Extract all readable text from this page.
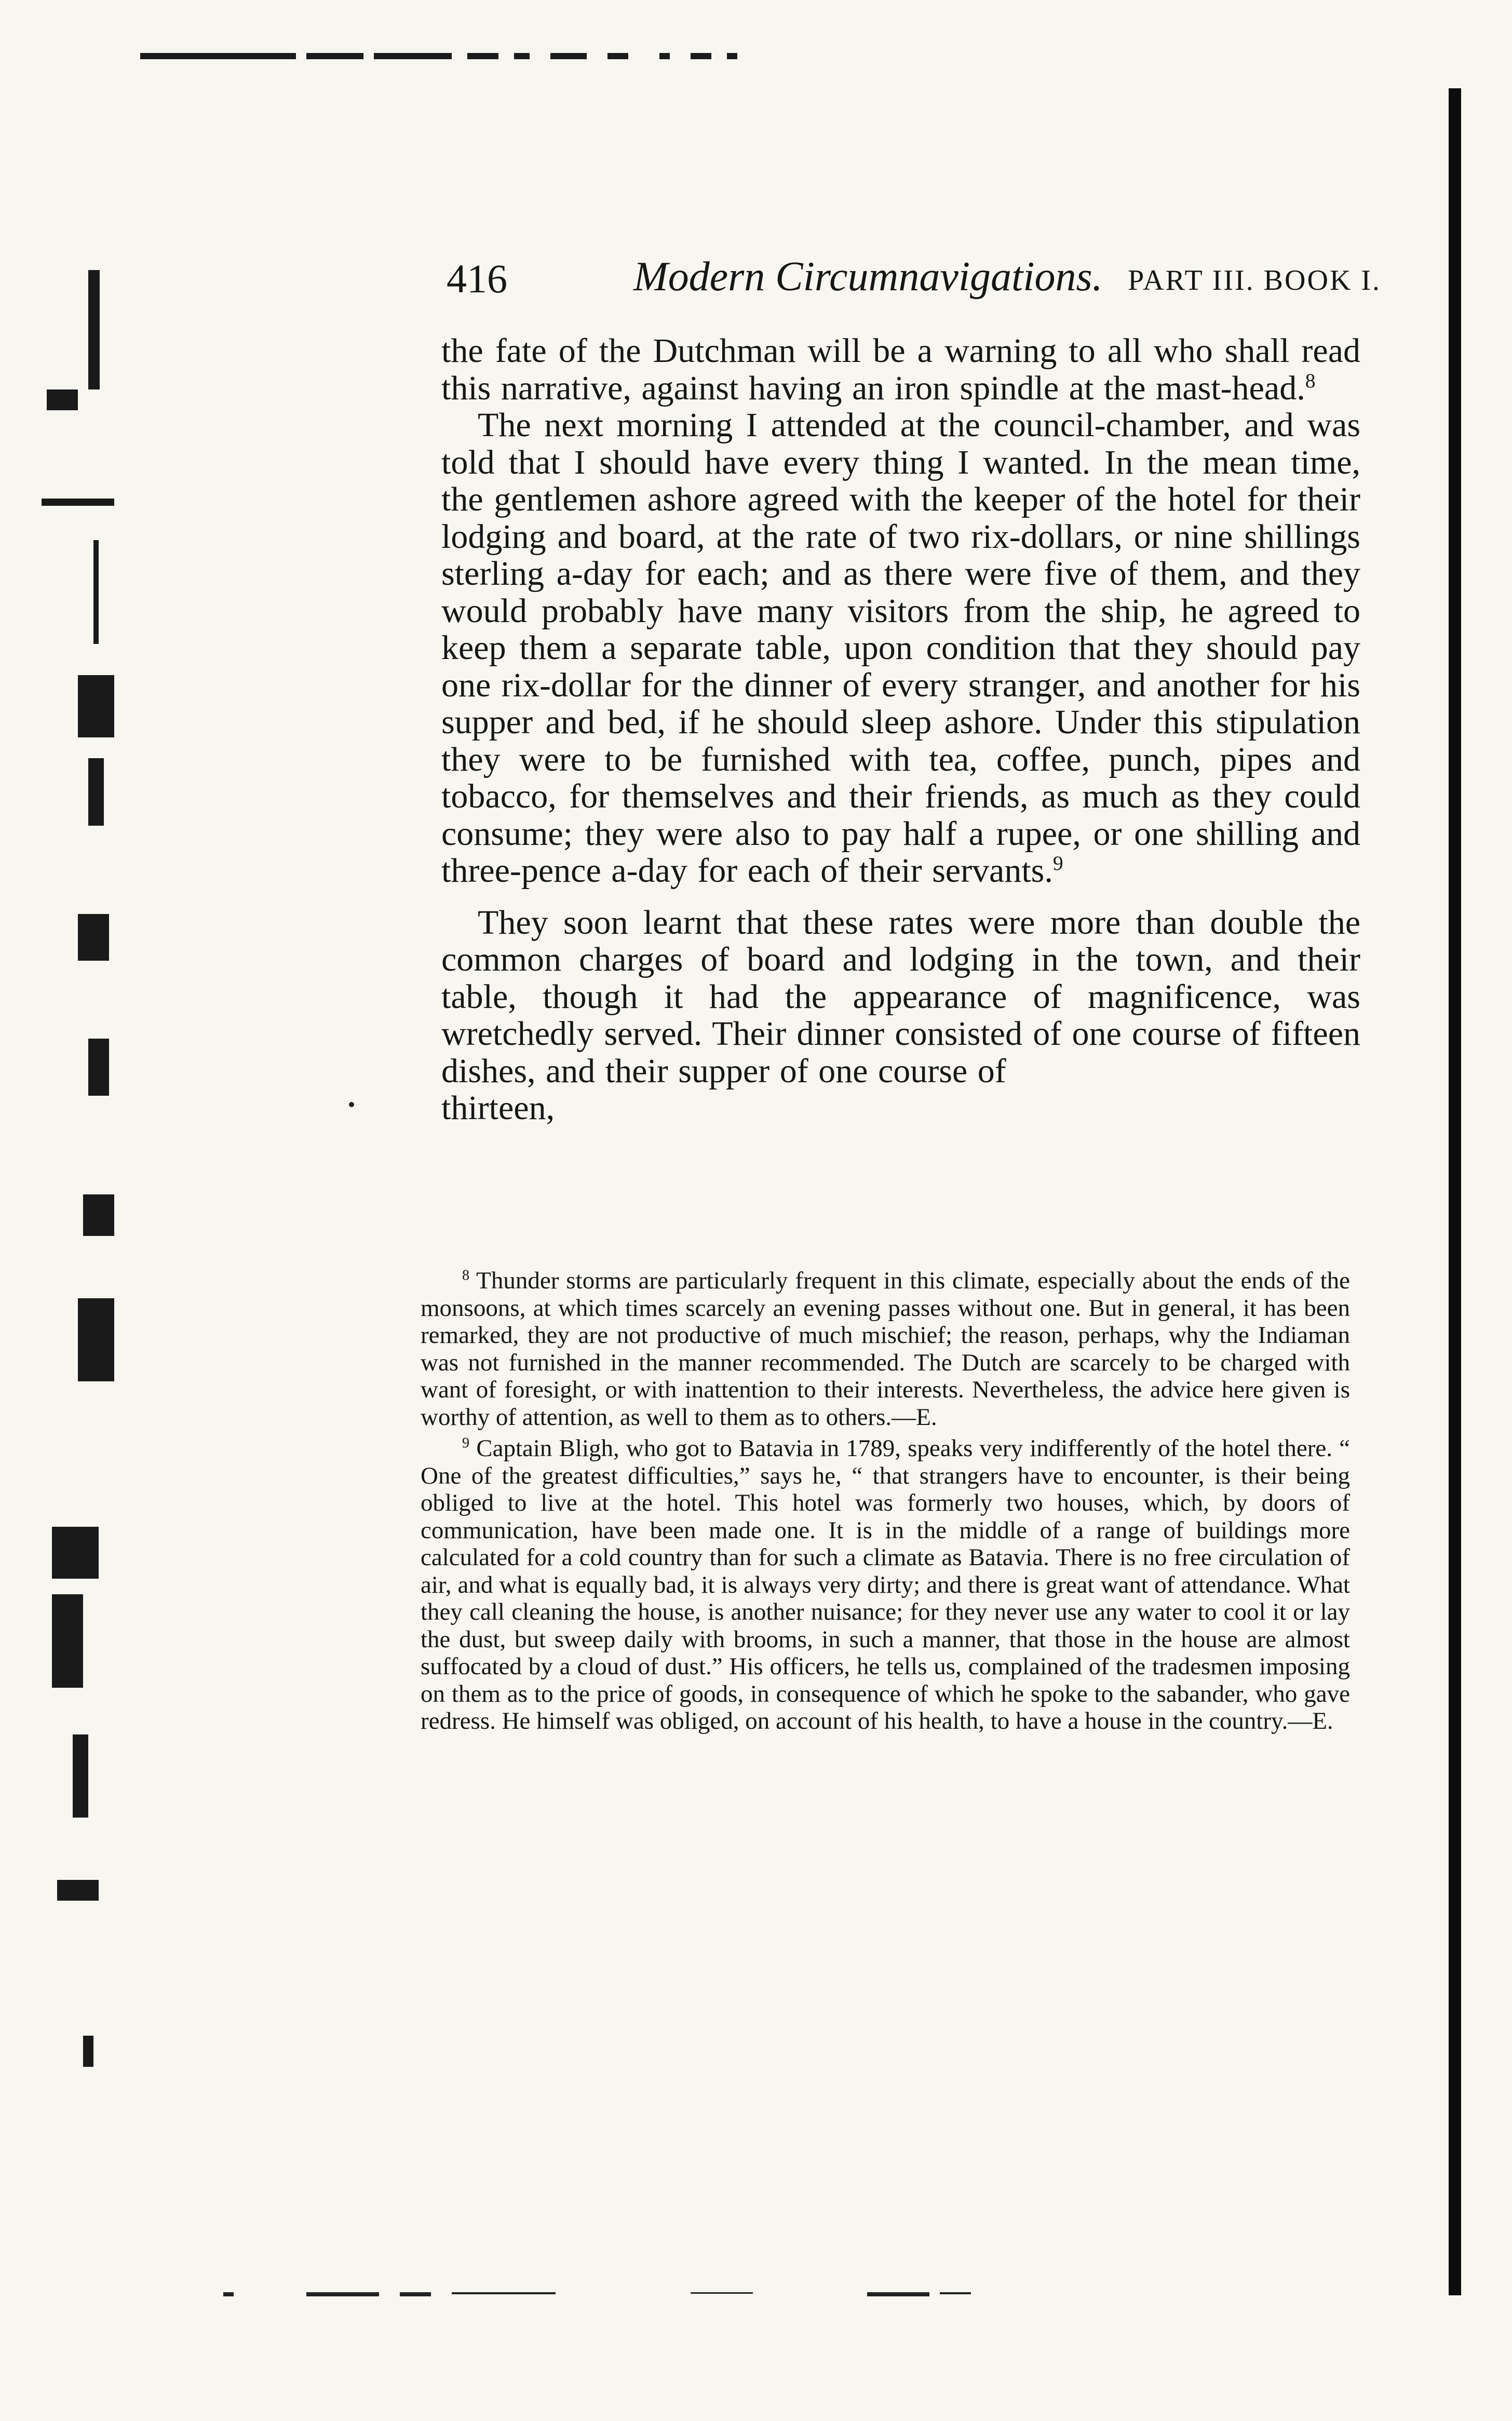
416	Modern Circumnavigations. PART III. BOOK I.

the fate of the Dutchman will be a warning to all who shall read this narrative, against having an iron spindle at the mast-head.$^8$

The next morning I attended at the council-chamber, and was told that I should have every thing I wanted. In the mean time, the gentlemen ashore agreed with the keeper of the hotel for their lodging and board, at the rate of two rix-dollars, or nine shillings sterling a-day for each; and as there were five of them, and they would probably have many visitors from the ship, he agreed to keep them a separate table, upon condition that they should pay one rix-dollar for the dinner of every stranger, and another for his supper and bed, if he should sleep ashore. Under this stipulation they were to be furnished with tea, coffee, punch, pipes and tobacco, for themselves and their friends, as much as they could consume; they were also to pay half a rupee, or one shilling and three-pence a-day for each of their servants.$^9$

They soon learnt that these rates were more than double the common charges of board and lodging in the town, and their table, though it had the appearance of magnificence, was wretchedly served. Their dinner consisted of one course of fifteen dishes, and their supper of one course of

thirteen,

$^8$ Thunder storms are particularly frequent in this climate, especially about the ends of the monsoons, at which times scarcely an evening passes without one. But in general, it has been remarked, they are not productive of much mischief; the reason, perhaps, why the Indiaman was not furnished in the manner recommended. The Dutch are scarcely to be charged with want of foresight, or with inattention to their interests. Nevertheless, the advice here given is worthy of attention, as well to them as to others.—E.

$^9$ Captain Bligh, who got to Batavia in 1789, speaks very indifferently of the hotel there. “ One of the greatest difficulties,” says he, “ that strangers have to encounter, is their being obliged to live at the hotel. This hotel was formerly two houses, which, by doors of communication, have been made one. It is in the middle of a range of buildings more calculated for a cold country than for such a climate as Batavia. There is no free circulation of air, and what is equally bad, it is always very dirty; and there is great want of attendance. What they call cleaning the house, is another nuisance; for they never use any water to cool it or lay the dust, but sweep daily with brooms, in such a manner, that those in the house are almost suffocated by a cloud of dust.” His officers, he tells us, complained of the tradesmen imposing on them as to the price of goods, in consequence of which he spoke to the sabander, who gave redress. He himself was obliged, on account of his health, to have a house in the country.—E.
